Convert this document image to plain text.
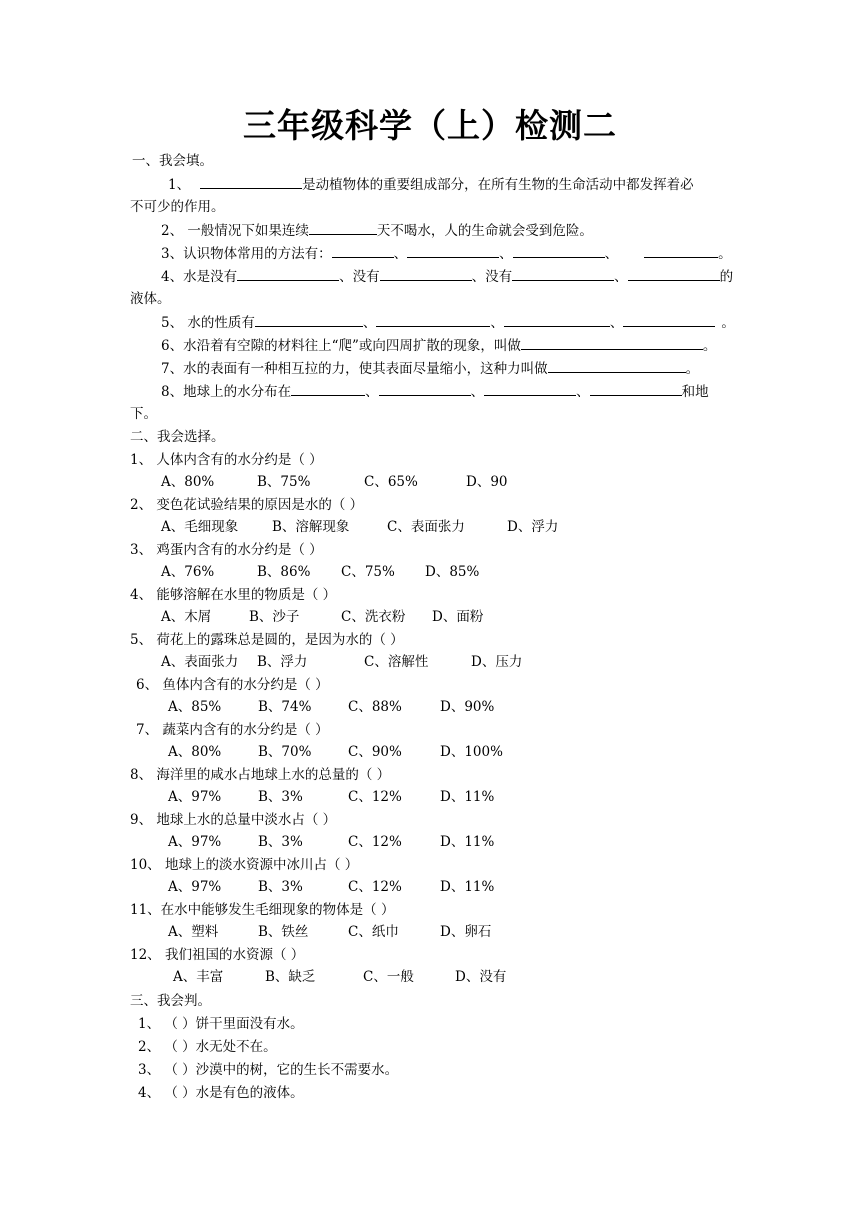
三年级科学（上）检测二
一、我会填。
1、	是动植物体的重要组成部分，在所有生物的生命活动中都发挥着必
不可少的作用。
2、 一般情况下如果连续	天不喝水，人的生命就会受到危险。
3、认识物体常用的方法有：	、	、	、	。
4、水是没有	、没有	、没有	、	的
液体。
5、 水的性质有	、	、	、	。
6、水沿着有空隙的材料往上“爬”或向四周扩散的现象，叫做	。
7、水的表面有一种相互拉的力，使其表面尽量缩小，这种力叫做	。
8、地球上的水分布在	、	、	、	和地
下。
二、我会选择。
1、 人体内含有的水分约是（ ）
A、80%	B、75%	C、65%	D、90
2、 变色花试验结果的原因是水的（ ）
A、毛细现象	B、溶解现象	C、表面张力	D、浮力
3、 鸡蛋内含有的水分约是（ ）
A、76%	B、86% C、75% D、85%
4、 能够溶解在水里的物质是（ ）
A、木屑	B、沙子	C、洗衣粉 D、面粉
5、 荷花上的露珠总是圆的，是因为水的（ ）
A、表面张力 B、浮力	C、溶解性	D、压力
6、 鱼体内含有的水分约是（ ）
A、85%	B、74%	C、88%	D、90%
7、 蔬菜内含有的水分约是（ ）
A、80%	B、70%	C、90%	D、100%
8、 海洋里的咸水占地球上水的总量的（ ）
A、97%	B、3%	C、12%	D、11%
9、 地球上水的总量中淡水占（ ）
A、97%	B、3%	C、12%	D、11%
10、 地球上的淡水资源中冰川占（ ）
A、97%	B、3%	C、12%	D、11%
11、在水中能够发生毛细现象的物体是（ ）
A、塑料	B、铁丝	C、纸巾	D、卵石
12、 我们祖国的水资源（ ）
A、丰富	B、缺乏	C、一般	D、没有
三、我会判。
1、 （ ）饼干里面没有水。
2、 （ ）水无处不在。
3、 （ ）沙漠中的树，它的生长不需要水。
4、 （ ）水是有色的液体。
